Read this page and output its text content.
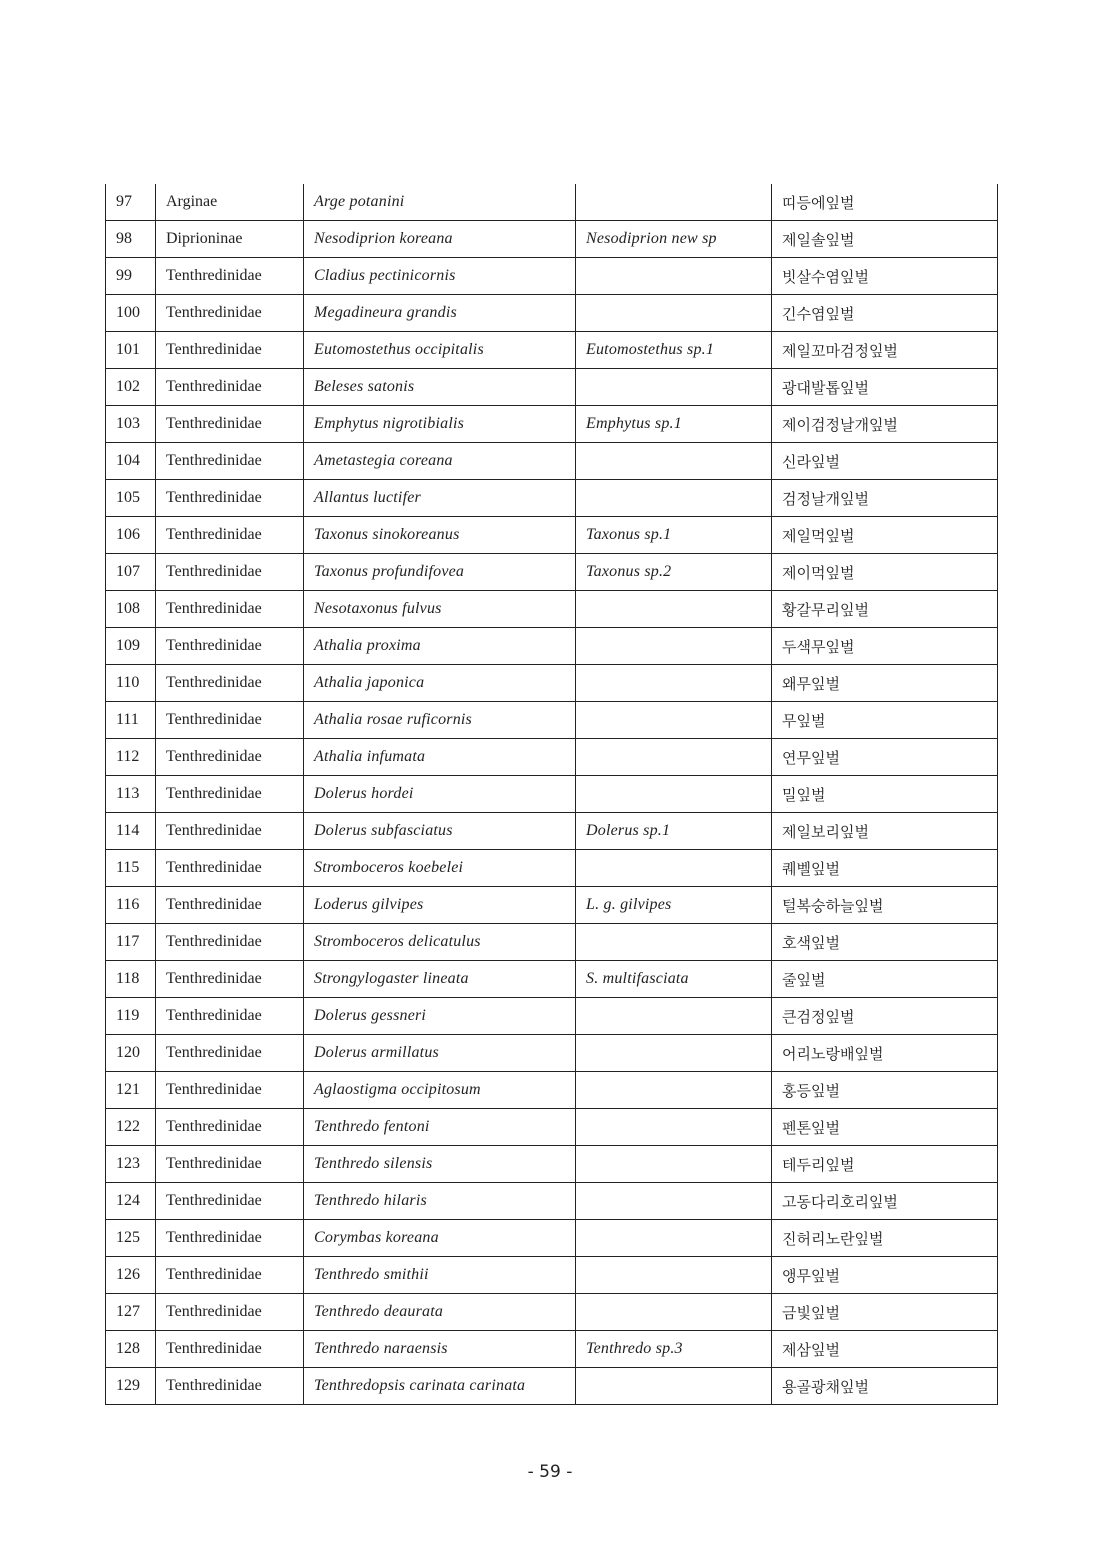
97	Arginae	Arge potanini		띠등에잎벌
98	Diprioninae	Nesodiprion koreana	Nesodiprion new sp	제일솔잎벌
99	Tenthredinidae	Cladius pectinicornis		빗살수염잎벌
100	Tenthredinidae	Megadineura grandis		긴수염잎벌
101	Tenthredinidae	Eutomostethus occipitalis	Eutomostethus sp.1	제일꼬마검정잎벌
102	Tenthredinidae	Beleses satonis		광대발톱잎벌
103	Tenthredinidae	Emphytus nigrotibialis	Emphytus sp.1	제이검정날개잎벌
104	Tenthredinidae	Ametastegia coreana		신라잎벌
105	Tenthredinidae	Allantus luctifer		검정날개잎벌
106	Tenthredinidae	Taxonus sinokoreanus	Taxonus sp.1	제일먹잎벌
107	Tenthredinidae	Taxonus profundifovea	Taxonus sp.2	제이먹잎벌
108	Tenthredinidae	Nesotaxonus fulvus		황갈무리잎벌
109	Tenthredinidae	Athalia proxima		두색무잎벌
110	Tenthredinidae	Athalia japonica		왜무잎벌
111	Tenthredinidae	Athalia rosae ruficornis		무잎벌
112	Tenthredinidae	Athalia infumata		연무잎벌
113	Tenthredinidae	Dolerus hordei		밀잎벌
114	Tenthredinidae	Dolerus subfasciatus	Dolerus sp.1	제일보리잎벌
115	Tenthredinidae	Stromboceros koebelei		퀘벨잎벌
116	Tenthredinidae	Loderus gilvipes	L. g. gilvipes	털복숭하늘잎벌
117	Tenthredinidae	Stromboceros delicatulus		호색잎벌
118	Tenthredinidae	Strongylogaster lineata	S. multifasciata	줄잎벌
119	Tenthredinidae	Dolerus gessneri		큰검정잎벌
120	Tenthredinidae	Dolerus armillatus		어리노랑배잎벌
121	Tenthredinidae	Aglaostigma occipitosum		홍등잎벌
122	Tenthredinidae	Tenthredo fentoni		펜톤잎벌
123	Tenthredinidae	Tenthredo silensis		테두리잎벌
124	Tenthredinidae	Tenthredo hilaris		고동다리호리잎벌
125	Tenthredinidae	Corymbas koreana		진허리노란잎벌
126	Tenthredinidae	Tenthredo smithii		앵무잎벌
127	Tenthredinidae	Tenthredo deaurata		금빛잎벌
128	Tenthredinidae	Tenthredo naraensis	Tenthredo sp.3	제삼잎벌
129	Tenthredinidae	Tenthredopsis carinata carinata		용골광채잎벌
- 59 -
